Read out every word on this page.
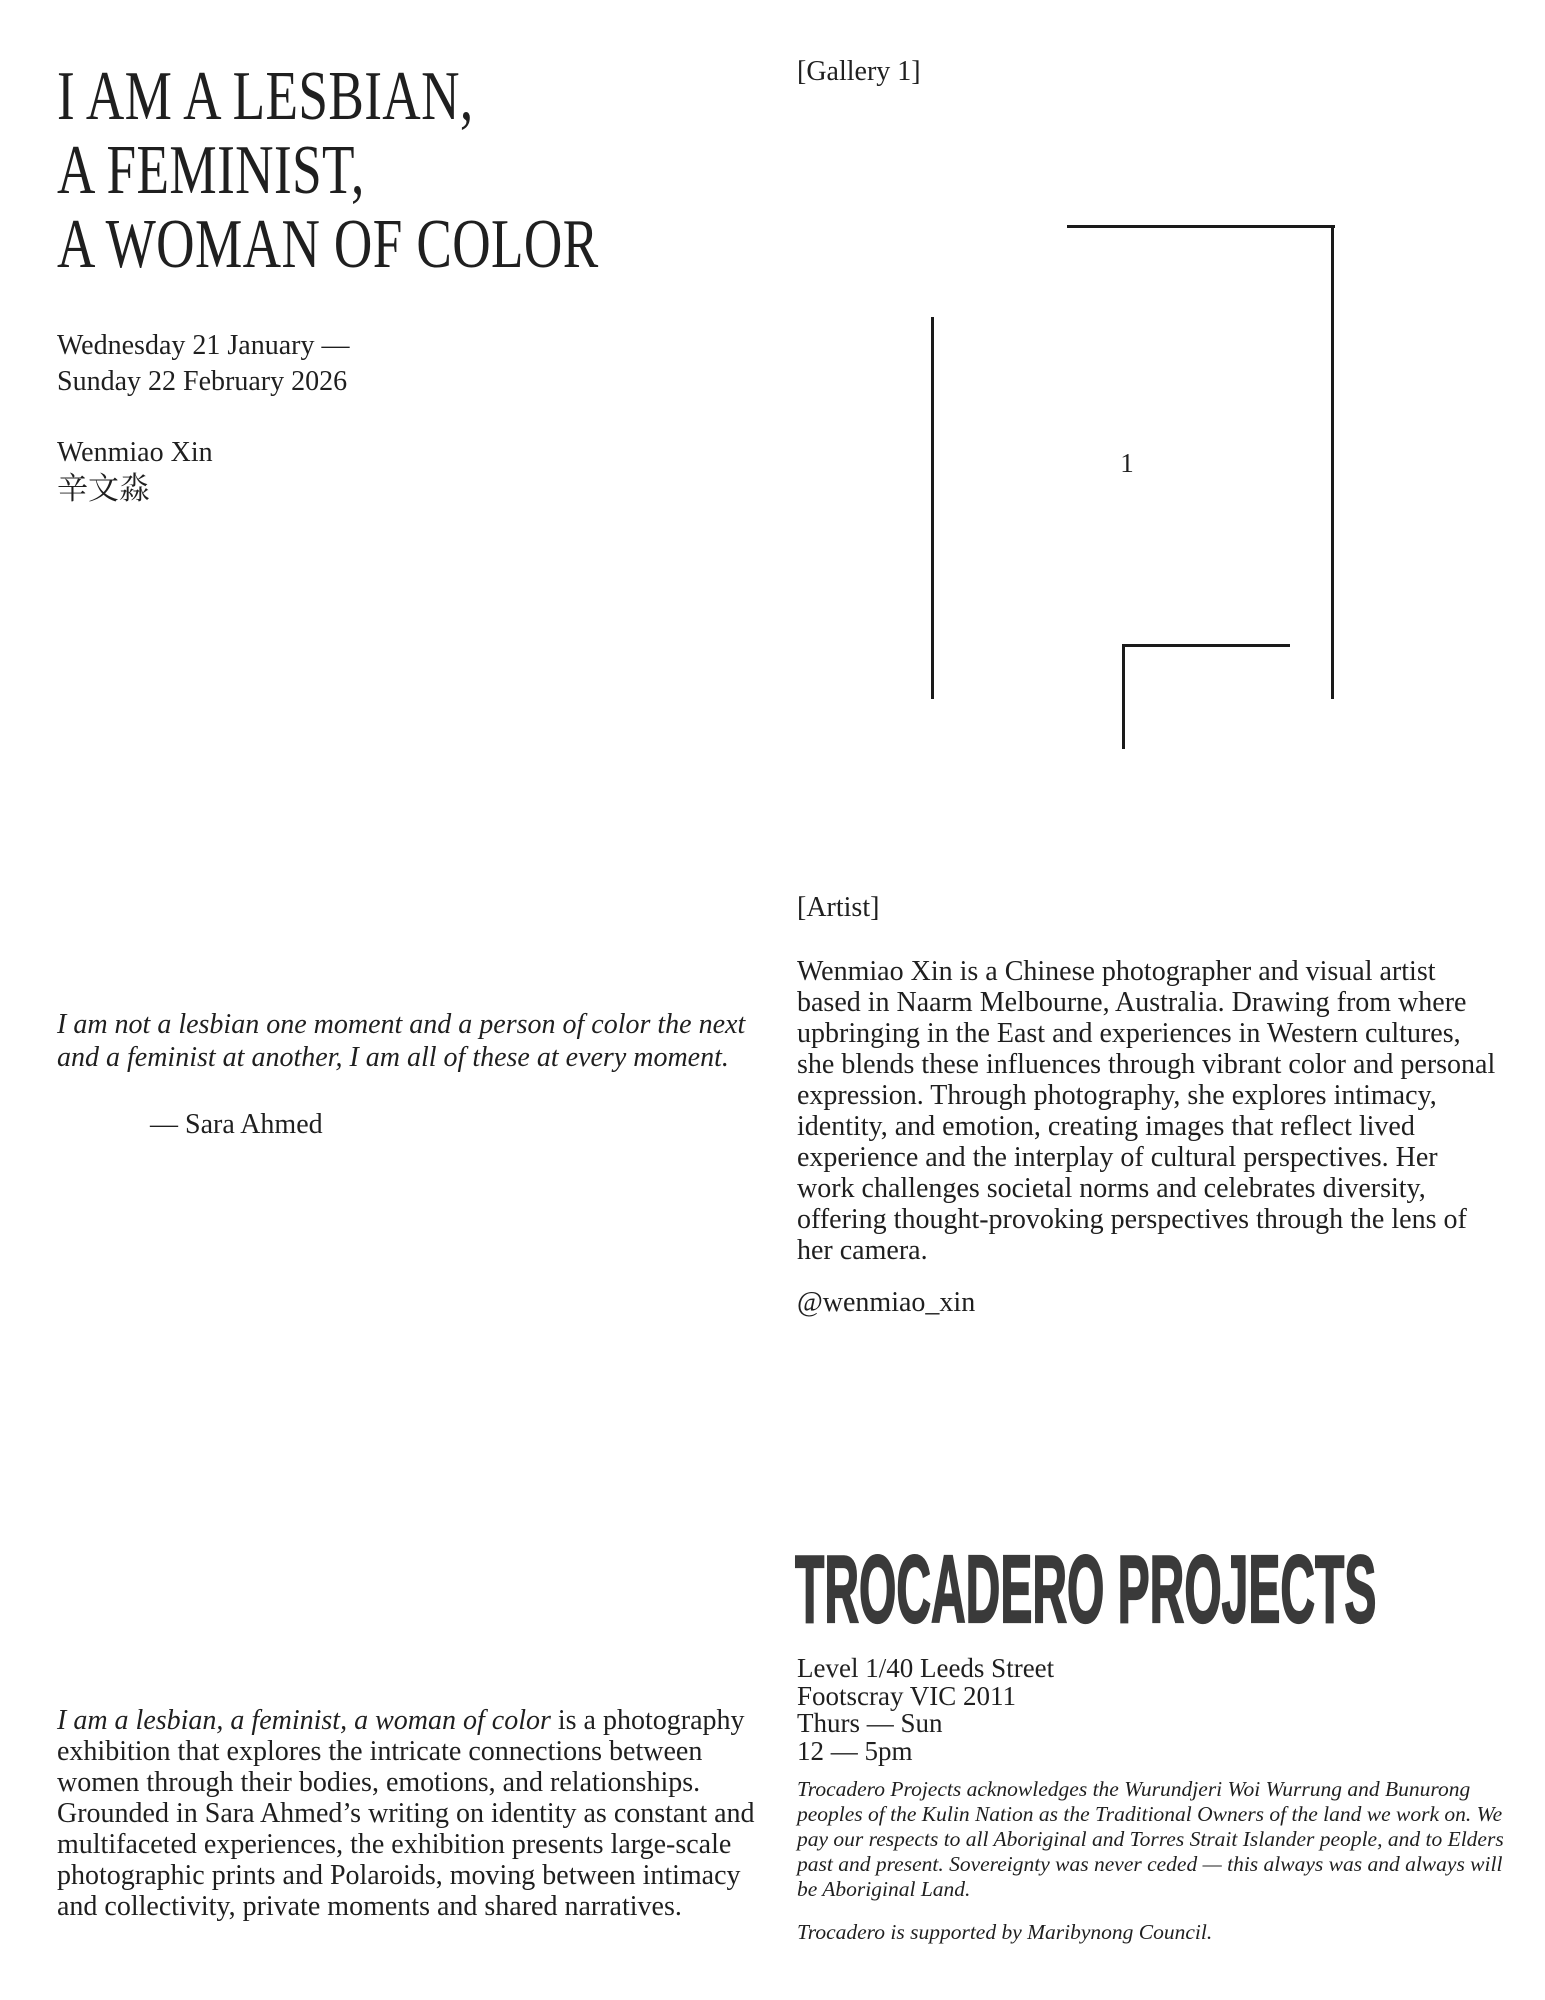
I AM A LESBIAN,
A FEMINIST,
A WOMAN OF COLOR
Wednesday 21 January —
Sunday 22 February 2026
Wenmiao Xin
辛文淼
I am not a lesbian one moment and a person of color the next
and a feminist at another, I am all of these at every moment.
— Sara Ahmed

I am a lesbian, a feminist, a woman of color is a photography exhibition that explores the intricate connections between women through their bodies, emotions, and relationships. Grounded in Sara Ahmed’s writing on identity as constant and multifaceted experiences, the exhibition presents large-scale photographic prints and Polaroids, moving between intimacy and collectivity, private moments and shared narratives.

[Gallery 1]
1
[Artist]

Wenmiao Xin is a Chinese photographer and visual artist based in Naarm Melbourne, Australia. Drawing from where upbringing in the East and experiences in Western cultures, she blends these influences through vibrant color and personal expression. Through photography, she explores intimacy, identity, and emotion, creating images that reflect lived experience and the interplay of cultural perspectives. Her work challenges societal norms and celebrates diversity, offering thought-provoking perspectives through the lens of her camera.

@wenmiao_xin
TROCADERO PROJECTS
Level 1/40 Leeds Street
Footscray VIC 2011
Thurs — Sun
12 — 5pm

Trocadero Projects acknowledges the Wurundjeri Woi Wurrung and Bunurong peoples of the Kulin Nation as the Traditional Owners of the land we work on. We pay our respects to all Aboriginal and Torres Strait Islander people, and to Elders past and present. Sovereignty was never ceded — this always was and always will be Aboriginal Land.

Trocadero is supported by Maribynong Council.
